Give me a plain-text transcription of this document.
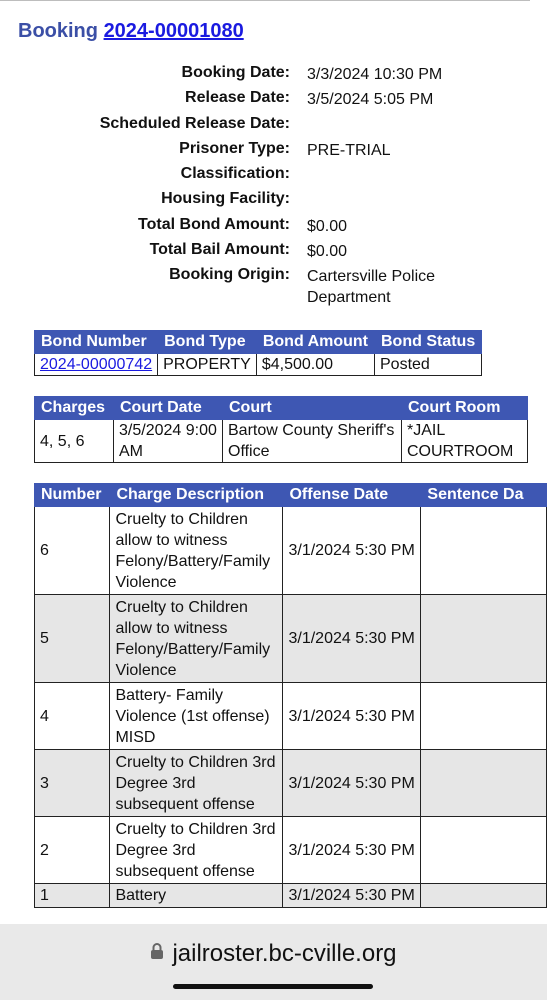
Booking 2024-00001080
Booking Date: 3/3/2024 10:30 PM
Release Date: 3/5/2024 5:05 PM
Scheduled Release Date:
Prisoner Type: PRE-TRIAL
Classification:
Housing Facility:
Total Bond Amount: $0.00
Total Bail Amount: $0.00
Booking Origin: Cartersville Police Department
Bond Number	Bond Type	Bond Amount	Bond Status
2024-00000742	PROPERTY	$4,500.00	Posted
Charges	Court Date	Court	Court Room
4, 5, 6	3/5/2024 9:00 AM	Bartow County Sheriff's Office	*JAIL COURTROOM
Number	Charge Description	Offense Date	Sentence Da
6	Cruelty to Children allow to witness Felony/Battery/Family Violence	3/1/2024 5:30 PM	
5	Cruelty to Children allow to witness Felony/Battery/Family Violence	3/1/2024 5:30 PM	
4	Battery- Family Violence (1st offense) MISD	3/1/2024 5:30 PM	
3	Cruelty to Children 3rd Degree 3rd subsequent offense	3/1/2024 5:30 PM	
2	Cruelty to Children 3rd Degree 3rd subsequent offense	3/1/2024 5:30 PM	
1	Battery	3/1/2024 5:30 PM	
jailroster.bc-cville.org
